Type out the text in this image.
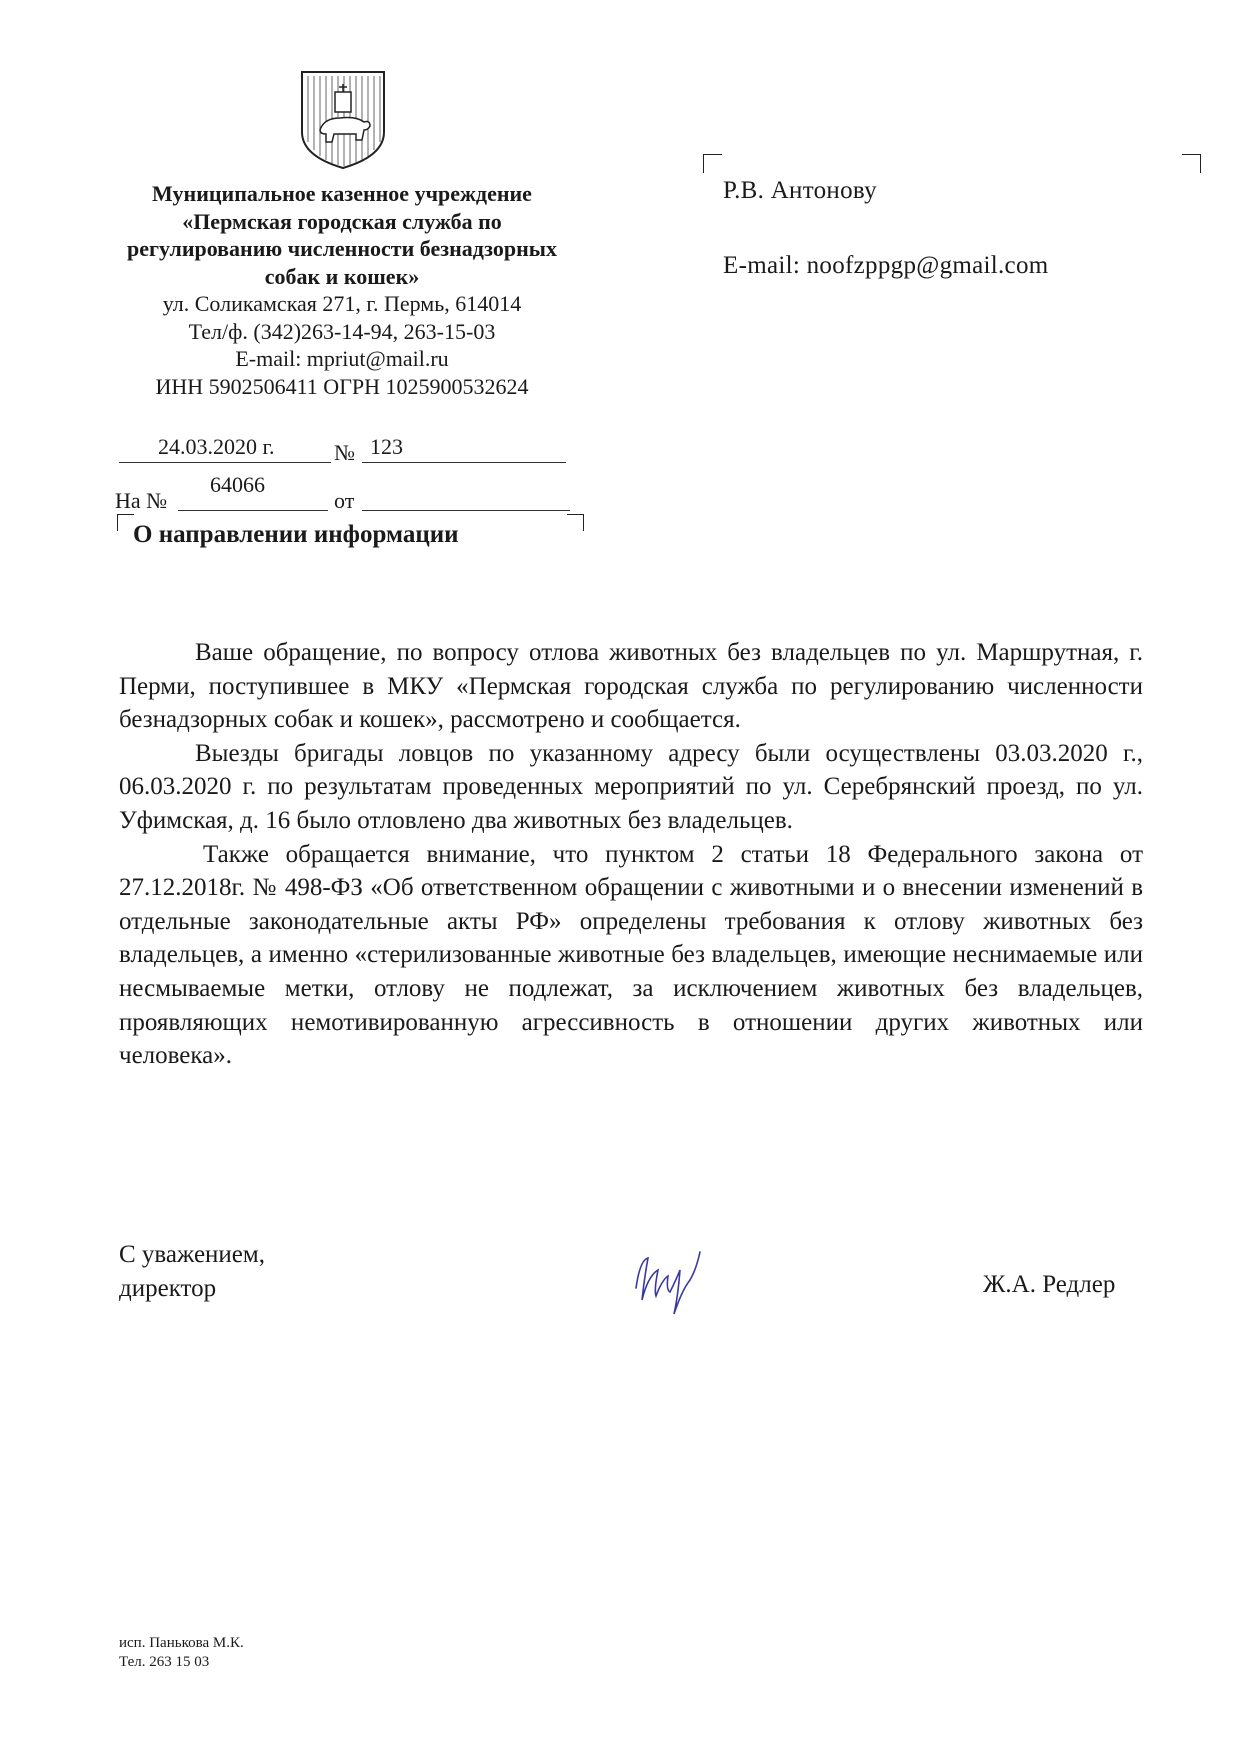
Муниципальное казенное учреждение
«Пермская городская служба по
регулированию численности безнадзорных
собак и кошек»
ул. Соликамская 271, г. Пермь, 614014
Тел/ф. (342)263-14-94, 263-15-03
E-mail: mpriut@mail.ru
ИНН 5902506411 ОГРН 1025900532624
24.03.2020 г.	№ 123
На №
64066
от
О направлении информации
Р.В. Антонову
E-mail: noofzppgp@gmail.com

Ваше обращение, по вопросу отлова животных без владельцев по ул. Маршрутная, г. Перми, поступившее в МКУ «Пермская городская служба по регулированию численности безнадзорных собак и кошек», рассмотрено и сообщается.

Выезды бригады ловцов по указанному адресу были осуществлены 03.03.2020 г., 06.03.2020 г. по результатам проведенных мероприятий по ул. Серебрянский проезд, по ул. Уфимская, д. 16 было отловлено два животных без владельцев.

Также обращается внимание, что пунктом 2 статьи 18 Федерального закона от 27.12.2018г. № 498-ФЗ «Об ответственном обращении с животными и о внесении изменений в отдельные законодательные акты РФ» определены требования к отлову животных без владельцев, а именно «стерилизованные животные без владельцев, имеющие неснимаемые или несмываемые метки, отлову не подлежат, за исключением животных без владельцев, проявляющих немотивированную агрессивность в отношении других животных или человека».

С уважением,
директор	Ж.А. Редлер
исп. Панькова М.К.
Тел. 263 15 03
